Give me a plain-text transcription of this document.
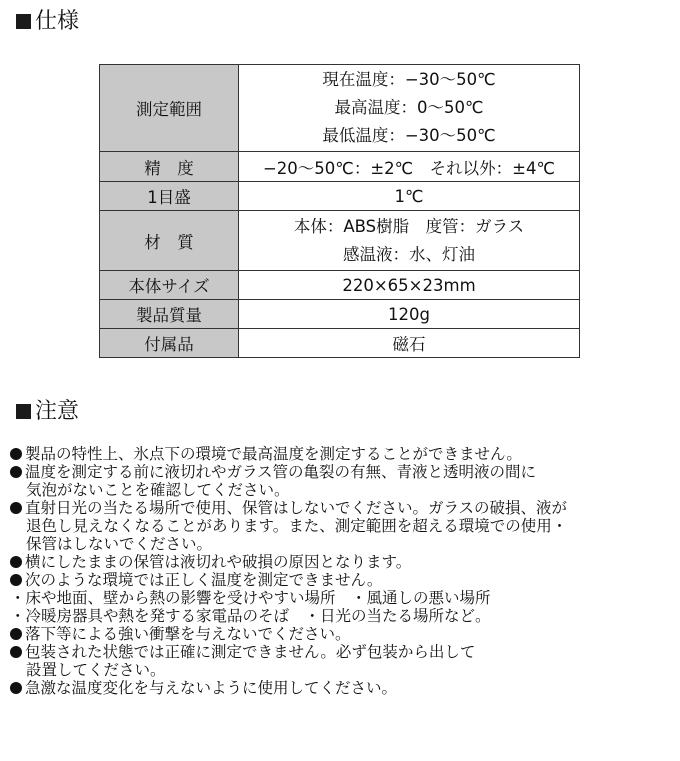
仕様
測定範囲	現在温度：−30〜50℃
最高温度：0〜50℃
最低温度：−30〜50℃

精　度	−20〜50℃：±2℃　それ以外：±4℃
1目盛	1℃
材　質	本体：ABS樹脂　度管：ガラス
感温液：水、灯油

本体サイズ	220×65×23mm
製品質量	120g
付属品	磁石
注意
製品の特性上、氷点下の環境で最高温度を測定することができません。
温度を測定する前に液切れやガラス管の亀裂の有無、青液と透明液の間に
気泡がないことを確認してください。
直射日光の当たる場所で使用、保管はしないでください。ガラスの破損、液が
退色し見えなくなることがあります。また、測定範囲を超える環境での使用・
保管はしないでください。
横にしたままの保管は液切れや破損の原因となります。
次のような環境では正しく温度を測定できません。
・床や地面、壁から熱の影響を受けやすい場所　・風通しの悪い場所
・冷暖房器具や熱を発する家電品のそば　・日光の当たる場所など。
落下等による強い衝撃を与えないでください。
包装された状態では正確に測定できません。必ず包装から出して
設置してください。
急激な温度変化を与えないように使用してください。
